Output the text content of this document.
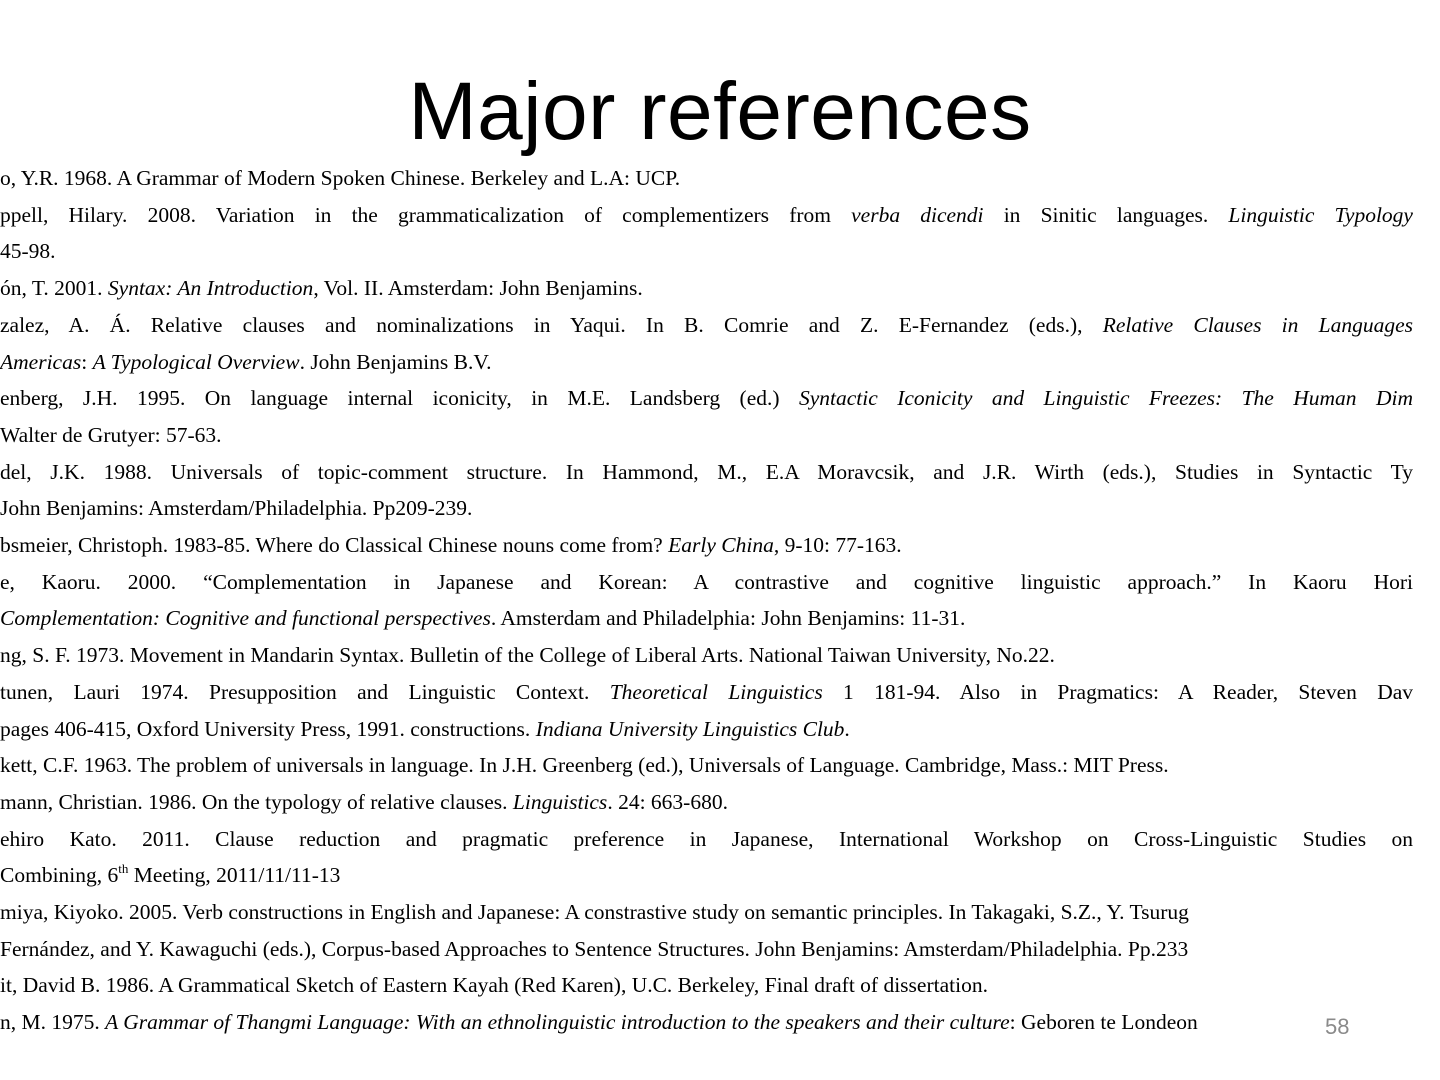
Major references
o, Y.R. 1968. A Grammar of Modern Spoken Chinese. Berkeley and L.A: UCP.
ppell, Hilary. 2008. Variation in the grammaticalization of complementizers from verba dicendi in Sinitic languages. Linguistic Typology
45-98.
ón, T. 2001. Syntax: An Introduction, Vol. II. Amsterdam: John Benjamins.
zalez, A. Á. Relative clauses and nominalizations in Yaqui. In B. Comrie and Z. E-Fernandez (eds.), Relative Clauses in Languages
Americas: A Typological Overview. John Benjamins B.V.
enberg, J.H. 1995. On language internal iconicity, in M.E. Landsberg (ed.) Syntactic Iconicity and Linguistic Freezes: The Human Dim
Walter de Grutyer: 57-63.
del, J.K. 1988. Universals of topic-comment structure. In Hammond, M., E.A Moravcsik, and J.R. Wirth (eds.), Studies in Syntactic Ty
John Benjamins: Amsterdam/Philadelphia. Pp209-239.
bsmeier, Christoph. 1983-85. Where do Classical Chinese nouns come from? Early China, 9-10: 77-163.
e, Kaoru. 2000. “Complementation in Japanese and Korean: A contrastive and cognitive linguistic approach.” In Kaoru Hori
Complementation: Cognitive and functional perspectives. Amsterdam and Philadelphia: John Benjamins: 11-31.
ng, S. F. 1973. Movement in Mandarin Syntax. Bulletin of the College of Liberal Arts. National Taiwan University, No.22.
tunen, Lauri 1974. Presupposition and Linguistic Context. Theoretical Linguistics 1 181-94. Also in Pragmatics: A Reader, Steven Dav
pages 406-415, Oxford University Press, 1991. constructions. Indiana University Linguistics Club.
kett, C.F. 1963. The problem of universals in language. In J.H. Greenberg (ed.), Universals of Language. Cambridge, Mass.: MIT Press.
mann, Christian. 1986. On the typology of relative clauses. Linguistics. 24: 663-680.
ehiro Kato. 2011. Clause reduction and pragmatic preference in Japanese, International Workshop on Cross-Linguistic Studies on
Combining, 6th Meeting, 2011/11/11-13
miya, Kiyoko. 2005. Verb constructions in English and Japanese: A constrastive study on semantic principles. In Takagaki, S.Z., Y. Tsurug
Fernández, and Y. Kawaguchi (eds.), Corpus-based Approaches to Sentence Structures. John Benjamins: Amsterdam/Philadelphia. Pp.233
it, David B. 1986. A Grammatical Sketch of Eastern Kayah (Red Karen), U.C. Berkeley, Final draft of dissertation.
n, M. 1975. A Grammar of Thangmi Language: With an ethnolinguistic introduction to the speakers and their culture: Geboren te Londeon	58
